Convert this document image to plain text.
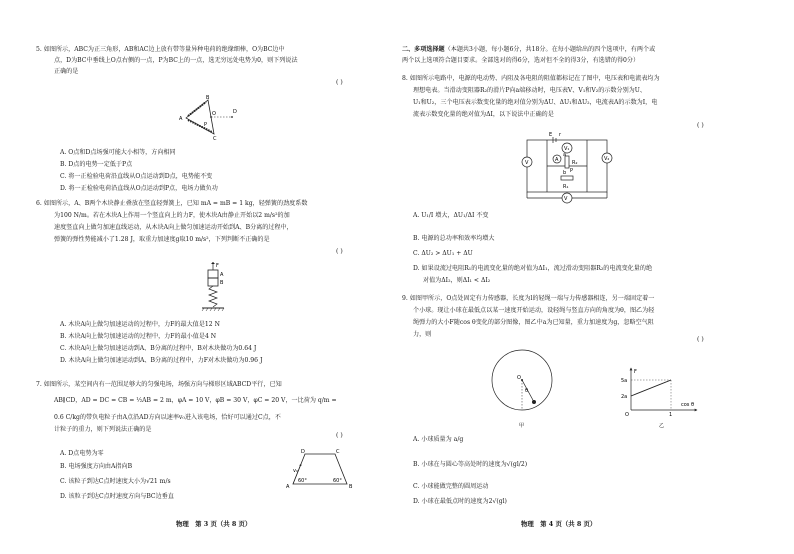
5. 如图所示，ABC为正三角形，AB和AC边上放有带等量异种电荷的绝缘细棒，O为BC边中
点，D为BC中垂线上O点右侧的一点，P为BC上的一点，选无穷远处电势为0，则下列说法
正确的是
( )
A
B
C
O	D
P
A. O点和D点场强可能大小相等，方向相同
B. D点的电势一定低于P点
C. 将一正检验电荷沿直线从O点运动到D点，电势能不变
D. 将一正检验电荷沿直线从O点运动到P点，电场力做负功
6. 如图所示，A、B两个木块静止叠放在竖直轻弹簧上，已知 mA = mB = 1 kg，轻弹簧的劲度系数
为100 N/m。若在木块A上作用一个竖直向上的力F，使木块A由静止开始以2 m/s²的加
速度竖直向上做匀加速直线运动，从木块A向上做匀加速运动开始到A、B分离的过程中，
弹簧的弹性势能减小了1.28 J，取重力加速度g取10 m/s²，下列判断不正确的是
( )
F
A
B
A. 木块A向上做匀加速运动的过程中，力F的最大值是12 N
B. 木块A向上做匀加速运动的过程中，力F的最小值是4 N
C. 木块A向上做匀加速运动到A、B分离的过程中，B对木块做功为0.64 J
D. 木块A向上做匀加速运动到A、B分离的过程中，力F对木块做功为0.96 J
7. 如图所示，某空间内有一范围足够大的匀强电场，场强方向与梯形区域ABCD平行，已知
AB∥CD，AD = DC = CB = ½AB = 2 m，φA = 10 V，φB = 30 V，φC = 20 V，一比荷为 q/m =
0.6 C/kg的带负电粒子由A点沿AD方向以速率v₀进入该电场，恰好可以通过C点，不
计粒子的重力，则下列说法正确的是
( )
A. D点电势为零
B. 电场强度方向由A指向B
C. 该粒子到达C点时速度大小为√21 m/s
D. 该粒子到达C点时速度方向与BC边垂直
A	B
C
D
v₀
60°	60°
物理　第 3 页（共 8 页）
二、多项选择题（本题共3小题，每小题6分，共18分。在每小题给出的四个选项中，有两个或
两个以上选项符合题目要求。全部选对的得6分，选对但不全的得3分，有选错的得0分）
8. 如图所示电路中，电源的电动势、内阻及各电阻的阻值都标记在了图中，电压表和电流表均为
理想电表。当滑动变阻器R₂的滑片P向a端移动时，电压表V、V₁和V₂的示数分别为U、
U₁和U₂，三个电压表示数变化量的绝对值分别为ΔU、ΔU₁和ΔU₂，电流表A的示数为I，电
流表示数变化量的绝对值为ΔI，以下说法中正确的是
( )
V
V₁
V₂
A
R₁
R₂
E r
P
a
b
V
A. U₁/I 增大，ΔU₁/ΔI 不变
B. 电源的总功率和效率均增大
C. ΔU₂ > ΔU₁ + ΔU
D. 如果设流过电阻R₁的电流变化量的绝对值为ΔI₁，流过滑动变阻器R₂的电流变化量的绝
对值为ΔI₂，则ΔI₁ < ΔI₂
9. 如图甲所示，O点处固定有力传感器，长度为l的轻绳一端与力传感器相连，另一端固定着一
个小球。现让小球在最低点以某一速度开始运动，设轻绳与竖直方向的角度为θ，图乙为轻
绳弹力的大小F随cos θ变化的部分图像，图乙中a为已知量，重力加速度为g，忽略空气阻
力，则
( )
O
θ
甲
F
5a
2a
O	1
cos θ
乙
A. 小球质量为 a/g
B. 小球在与圆心等高处时的速度为√(gl/2)
C. 小球能做完整的圆周运动
D. 小球在最低点时的速度为2√(gl)
物理　第 4 页（共 8 页）
